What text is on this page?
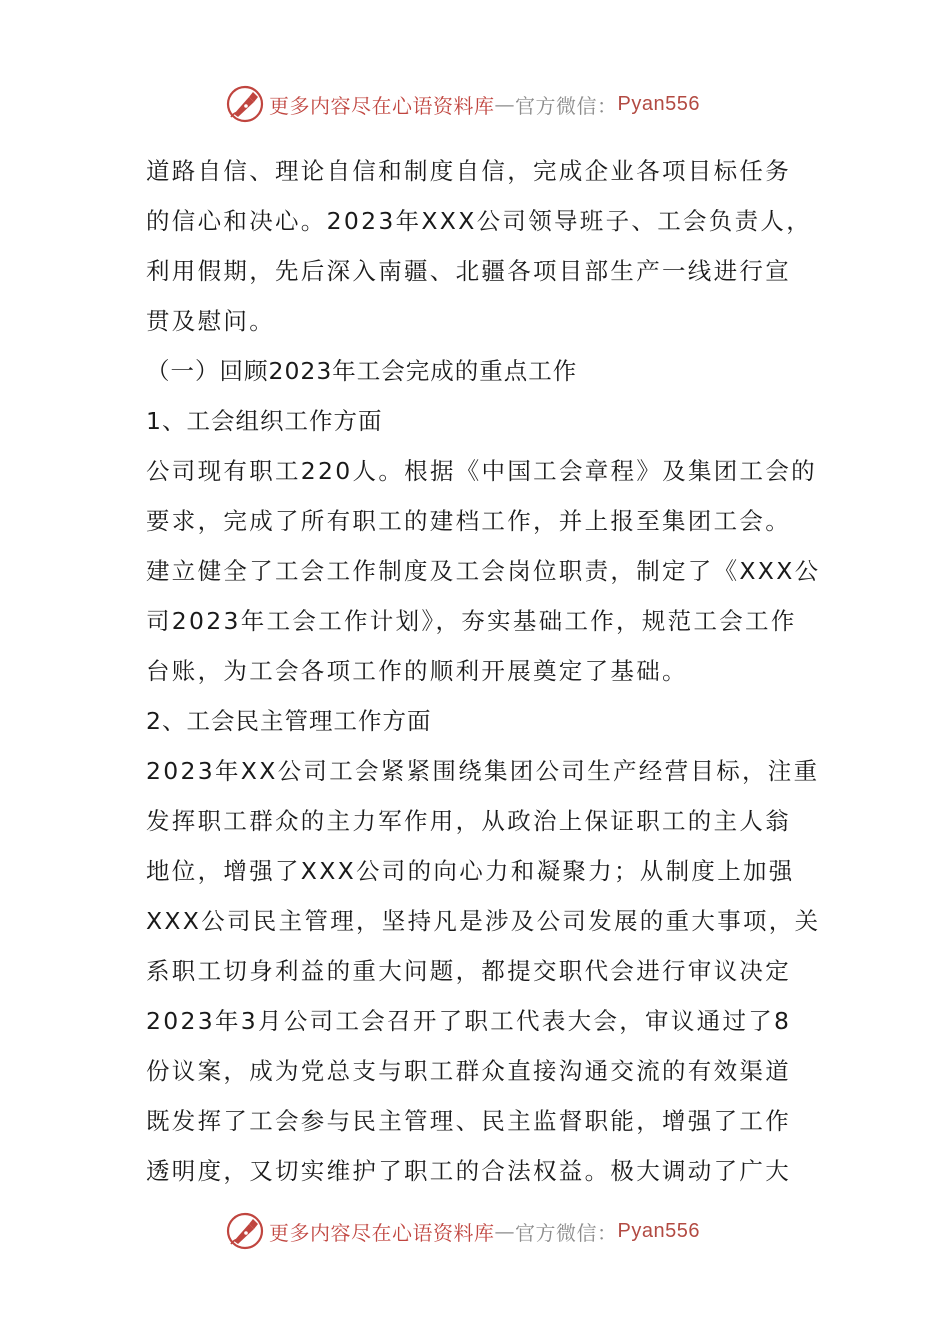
更多内容尽在心语资料库 — 官方微信： Pyan556
道路自信、理论自信和制度自信，完成企业各项目标任务
的信心和决心。2023年XXX公司领导班子、工会负责人，
利用假期，先后深入南疆、北疆各项目部生产一线进行宣
贯及慰问。
（一）回顾2023年工会完成的重点工作
1、工会组织工作方面
公司现有职工220人。根据《中国工会章程》及集团工会的
要求，完成了所有职工的建档工作，并上报至集团工会。
建立健全了工会工作制度及工会岗位职责，制定了《XXX公
司2023年工会工作计划》，夯实基础工作，规范工会工作
台账，为工会各项工作的顺利开展奠定了基础。
2、工会民主管理工作方面
2023年XX公司工会紧紧围绕集团公司生产经营目标，注重
发挥职工群众的主力军作用，从政治上保证职工的主人翁
地位，增强了XXX公司的向心力和凝聚力；从制度上加强
XXX公司民主管理，坚持凡是涉及公司发展的重大事项，关
系职工切身利益的重大问题，都提交职代会进行审议决定
2023年3月公司工会召开了职工代表大会，审议通过了8
份议案，成为党总支与职工群众直接沟通交流的有效渠道
既发挥了工会参与民主管理、民主监督职能，增强了工作
透明度，又切实维护了职工的合法权益。极大调动了广大
更多内容尽在心语资料库 — 官方微信： Pyan556
